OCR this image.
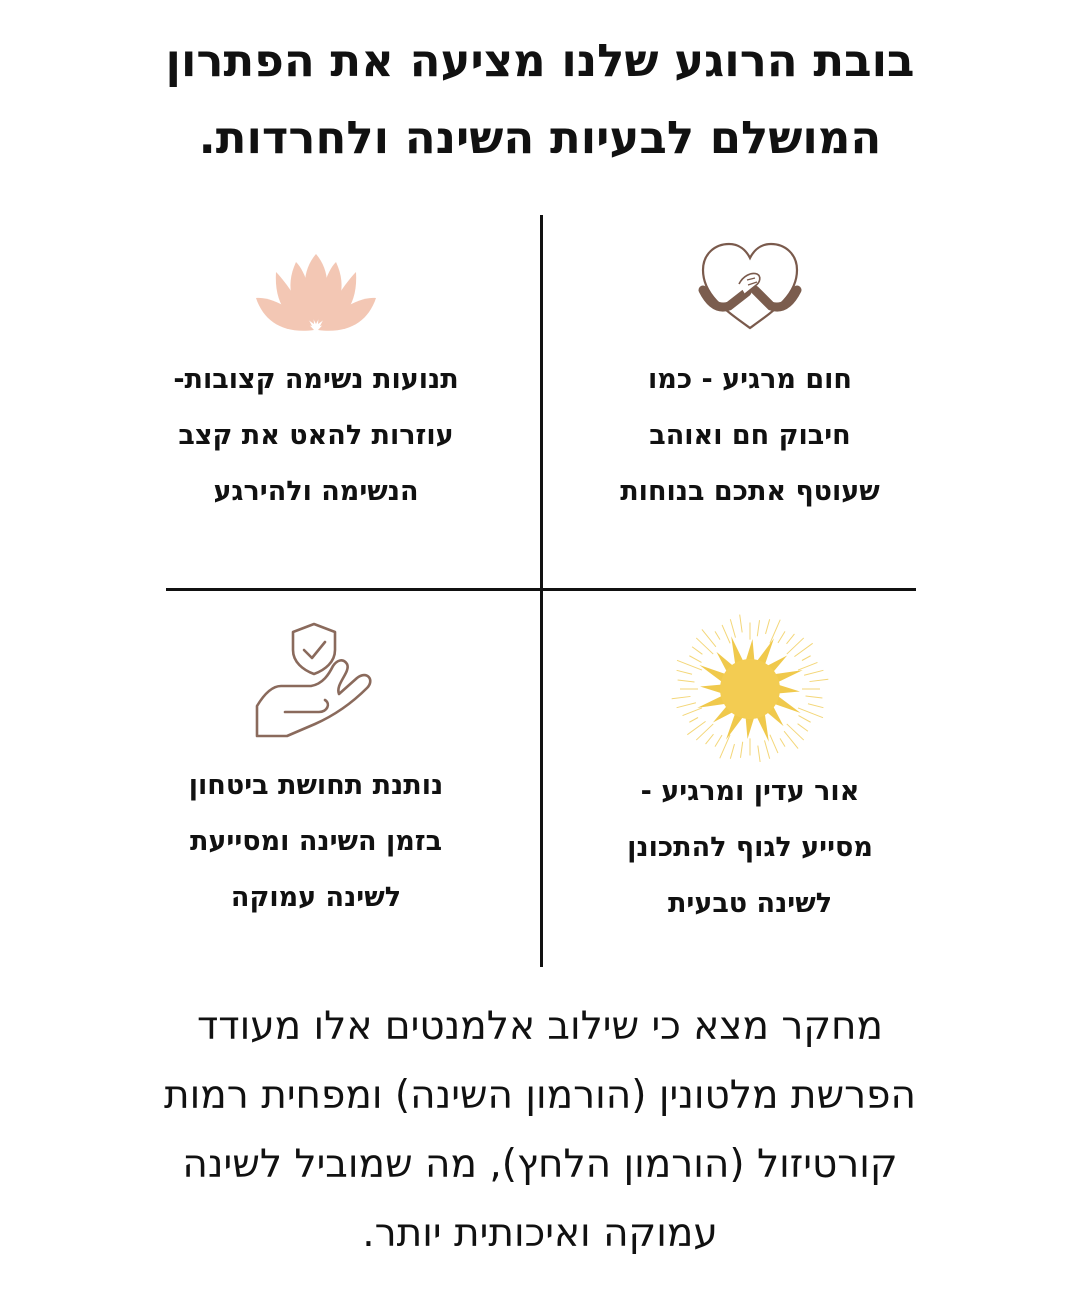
בובת הרוגע שלנו מציעה את הפתרון
המושלם לבעיות השינה ולחרדות.
חום מרגיע - כמו
חיבוק חם ואוהב
שעוטף אתכם בנוחות
תנועות נשימה קצובות-
עוזרות להאט את קצב
הנשימה ולהירגע
אור עדין ומרגיע -
מסייע לגוף להתכונן
לשינה טבעית
נותנת תחושת ביטחון
בזמן השינה ומסייעת
לשינה עמוקה

מחקר מצא כי שילוב אלמנטים אלו מעודד
הפרשת מלטונין (הורמון השינה) ומפחית רמות
קורטיזול (הורמון הלחץ), מה שמוביל לשינה
עמוקה ואיכותית יותר.
